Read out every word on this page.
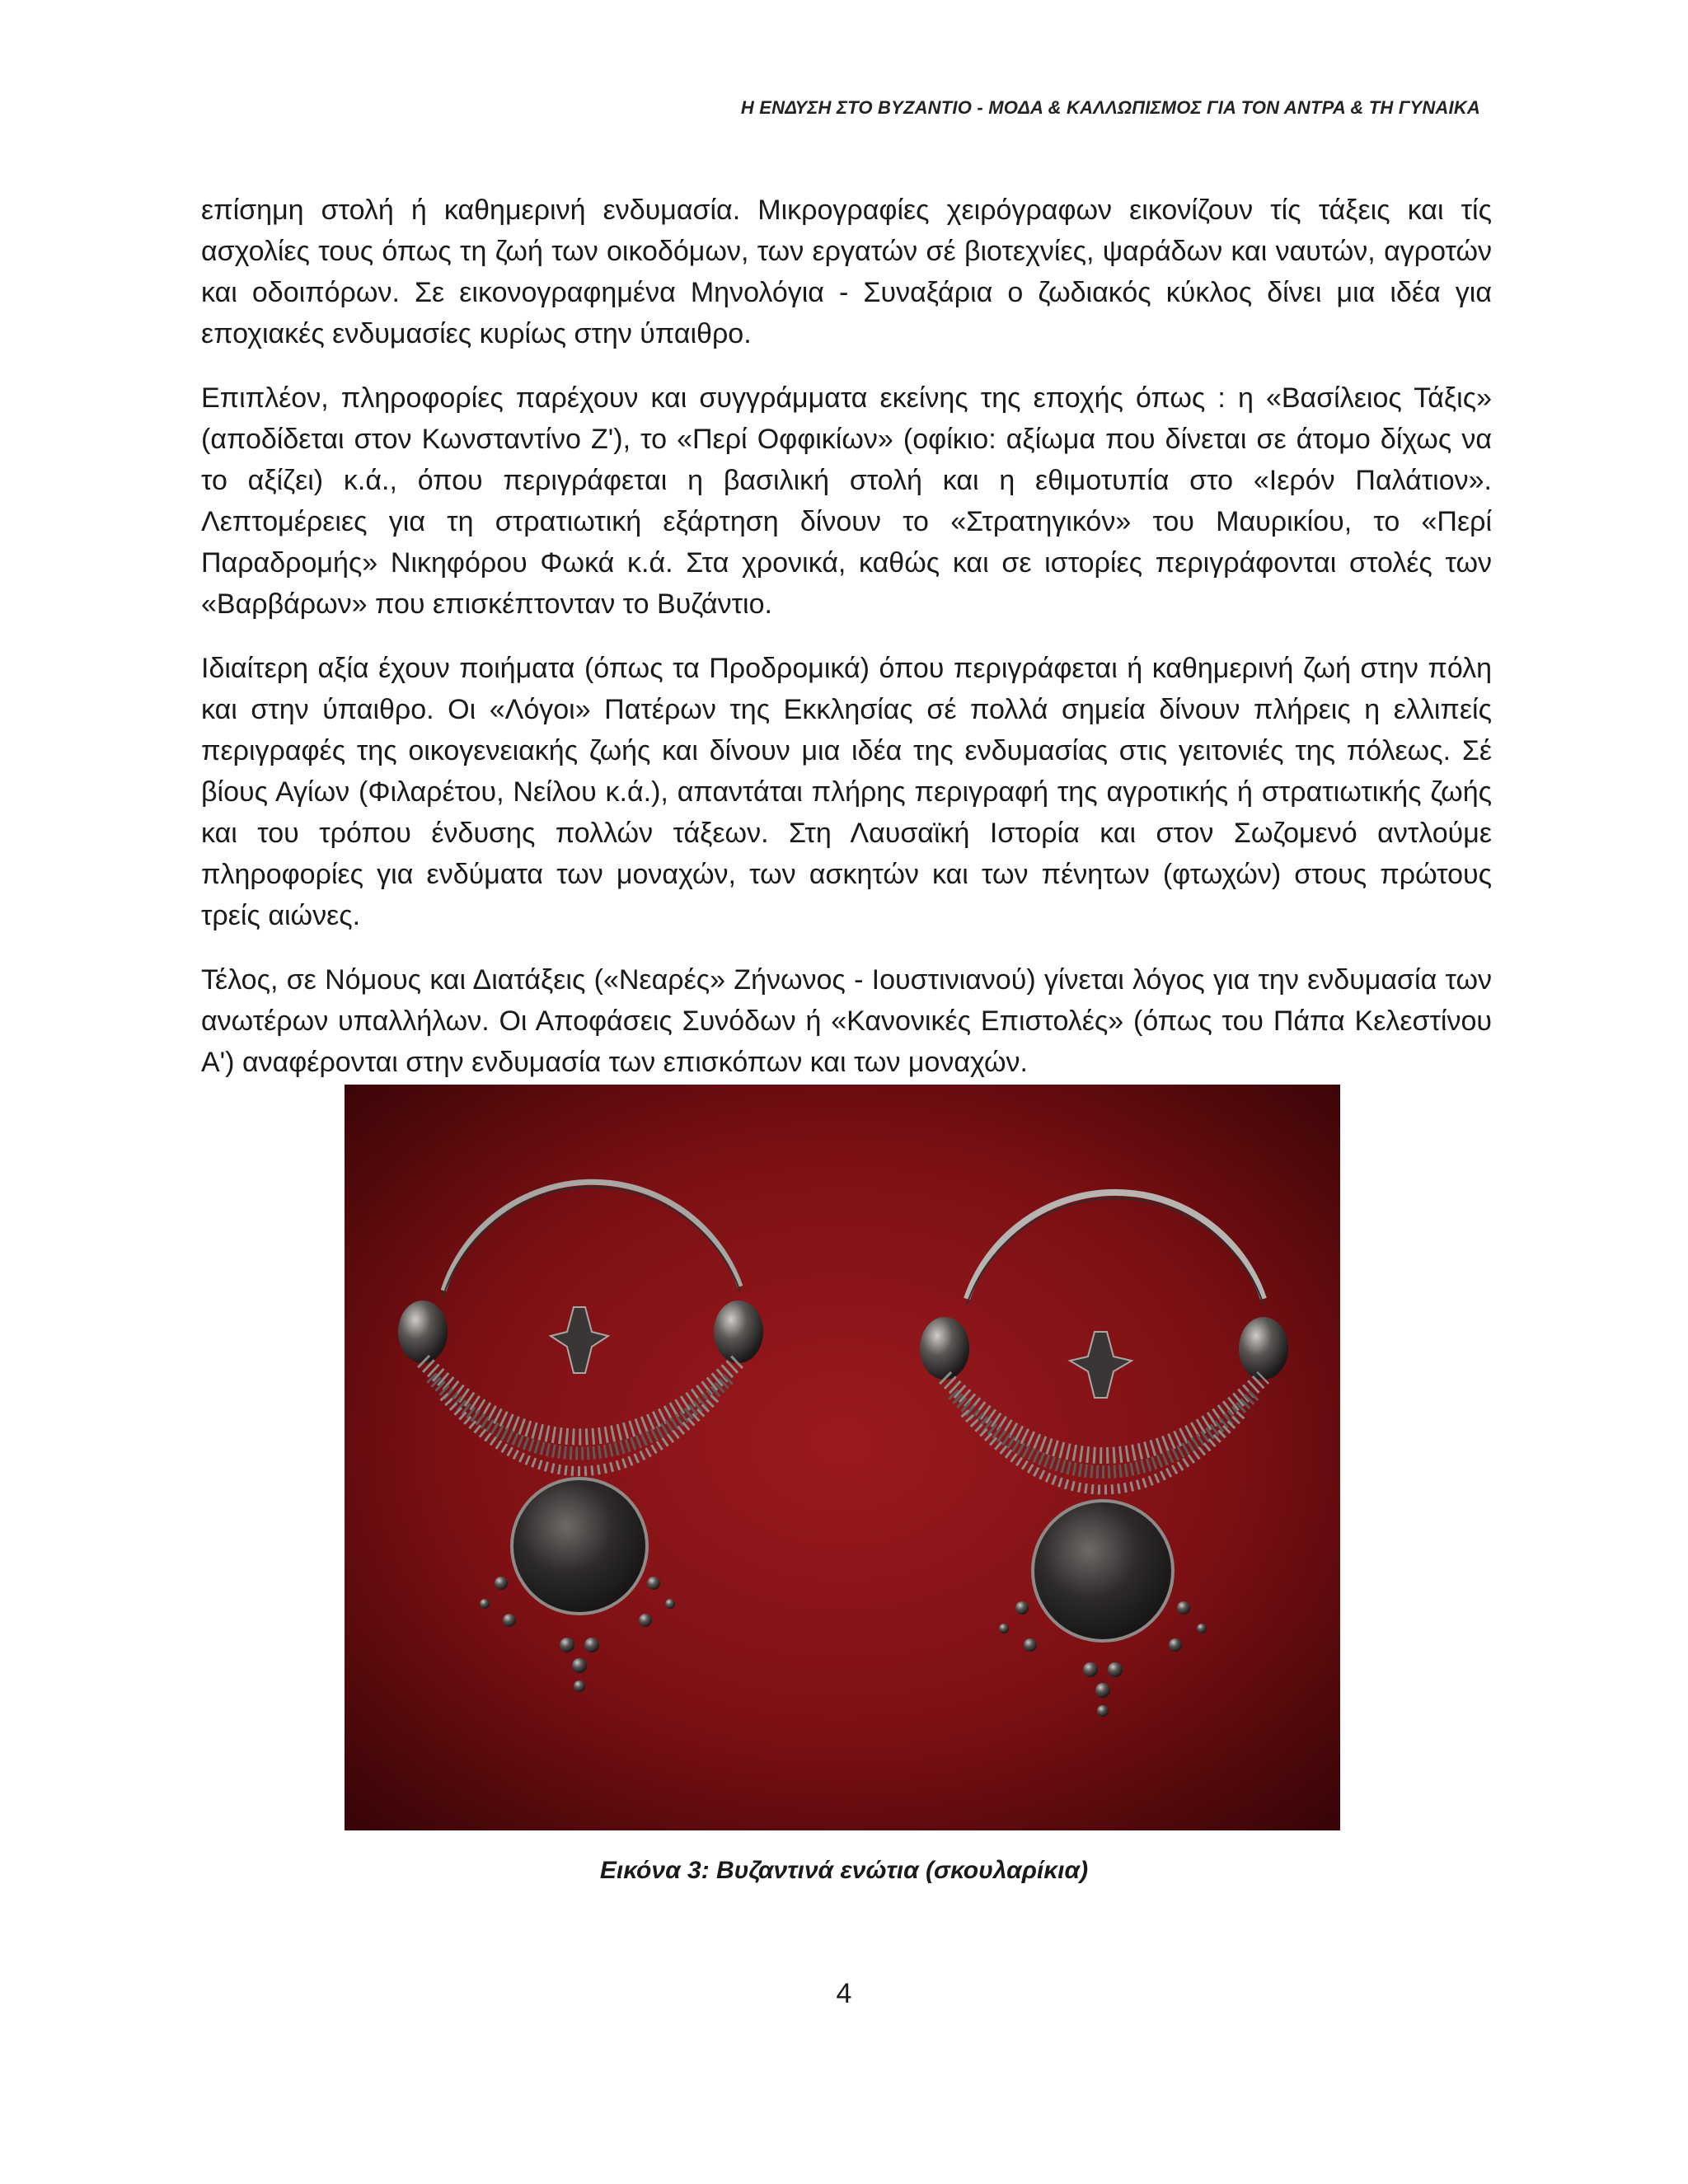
Η ΕΝΔΥΣΗ ΣΤΟ ΒΥΖΑΝΤΙΟ - ΜΟΔΑ & ΚΑΛΛΩΠΙΣΜΟΣ ΓΙΑ ΤΟΝ ΑΝΤΡΑ & ΤΗ ΓΥΝΑΙΚΑ

επίσημη στολή ή καθημερινή ενδυμασία. Μικρογραφίες χειρόγραφων εικονίζουν τίς τάξεις και τίς ασχολίες τους όπως τη ζωή των οικοδόμων, των εργατών σέ βιοτεχνίες, ψαράδων και ναυτών, αγροτών και οδοιπόρων. Σε εικονογραφημένα Μηνολόγια - Συναξάρια ο ζωδιακός κύκλος δίνει μια ιδέα για εποχιακές ενδυμασίες κυρίως στην ύπαιθρο.

Επιπλέον, πληροφορίες παρέχουν και συγγράμματα εκείνης της εποχής όπως : η «Βασίλειος Τάξις» (αποδίδεται στον Κωνσταντίνο Ζ'), το «Περί Οφφικίων» (οφίκιο: αξίωμα που δίνεται σε άτομο δίχως να το αξίζει) κ.ά., όπου περιγράφεται η βασιλική στολή και η εθιμοτυπία στο «Ιερόν Παλάτιον». Λεπτομέρειες για τη στρατιωτική εξάρτηση δίνουν το «Στρατηγικόν» του Μαυρικίου, το «Περί Παραδρομής» Νικηφόρου Φωκά κ.ά. Στα χρονικά, καθώς και σε ιστορίες περιγράφονται στολές των «Βαρβάρων» που επισκέπτονταν το Βυζάντιο.

Ιδιαίτερη αξία έχουν ποιήματα (όπως τα Προδρομικά) όπου περιγράφεται ή καθημερινή ζωή στην πόλη και στην ύπαιθρο. Οι «Λόγοι» Πατέρων της Εκκλησίας σέ πολλά σημεία δίνουν πλήρεις η ελλιπείς περιγραφές της οικογενειακής ζωής και δίνουν μια ιδέα της ενδυμασίας στις γειτονιές της πόλεως. Σέ βίους Αγίων (Φιλαρέτου, Νείλου κ.ά.), απαντάται πλήρης περιγραφή της αγροτικής ή στρατιωτικής ζωής και του τρόπου ένδυσης πολλών τάξεων. Στη Λαυσαϊκή Ιστορία και στον Σωζομενό αντλούμε πληροφορίες για ενδύματα των μοναχών, των ασκητών και των πένητων (φτωχών) στους πρώτους τρείς αιώνες.

Τέλος, σε Νόμους και Διατάξεις («Νεαρές» Ζήνωνος - Ιουστινιανού) γίνεται λόγος για την ενδυμασία των ανωτέρων υπαλλήλων. Οι Αποφάσεις Συνόδων ή «Κανονικές Επιστολές» (όπως του Πάπα Κελεστίνου Α') αναφέρονται στην ενδυμασία των επισκόπων και των μοναχών.

Εικόνα 3: Βυζαντινά ενώτια (σκουλαρίκια)
4
